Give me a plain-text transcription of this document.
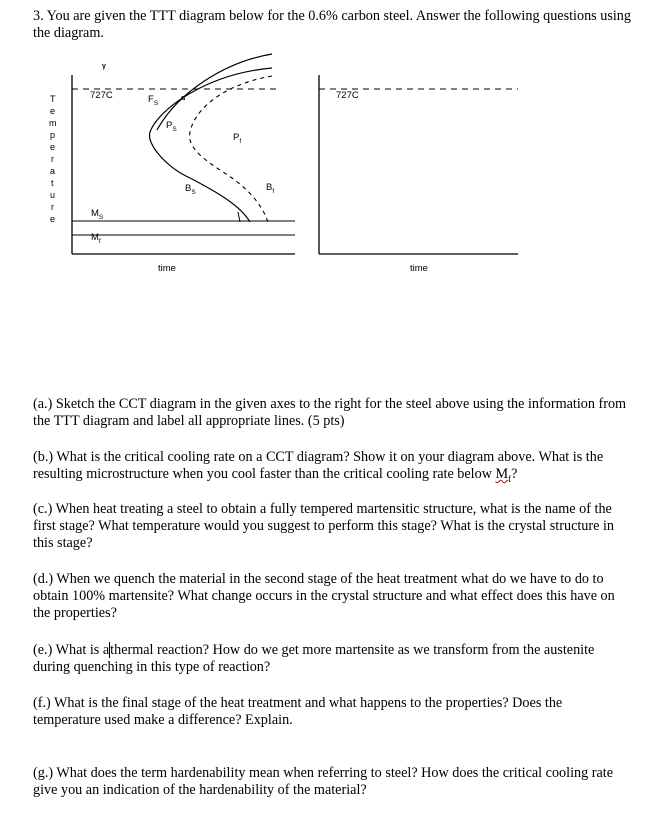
3. You are given the TTT diagram below for the 0.6% carbon steel. Answer the following questions using the diagram.

γ
727C	α
$F_S$
$P_S$
$P_f$
$B_S$	$B_f$
$M_S$
$M_f$
time
T
e
m
p
e
r
a
t
u
r
e
727C
time

(a.) Sketch the CCT diagram in the given axes to the right for the steel above using the information from the TTT diagram and label all appropriate lines. (5 pts)

(b.) What is the critical cooling rate on a CCT diagram? Show it on your diagram above. What is the resulting microstructure when you cool faster than the critical cooling rate below $M_f$?

(c.) When heat treating a steel to obtain a fully tempered martensitic structure, what is the name of the first stage? What temperature would you suggest to perform this stage? What is the crystal structure in this stage?

(d.) When we quench the material in the second stage of the heat treatment what do we have to do to obtain 100% martensite? What change occurs in the crystal structure and what effect does this have on the properties?

(e.) What is athermal reaction? How do we get more martensite as we transform from the austenite during quenching in this type of reaction?

(f.) What is the final stage of the heat treatment and what happens to the properties? Does the temperature used make a difference? Explain.

(g.) What does the term hardenability mean when referring to steel? How does the critical cooling rate give you an indication of the hardenability of the material?
